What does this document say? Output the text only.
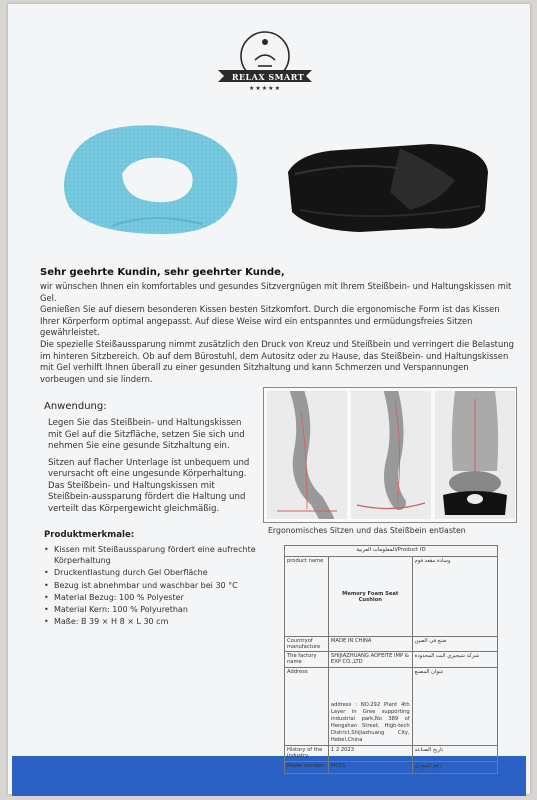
RELAX SMART
★★★★★
Sehr geehrte Kundin, sehr geehrter Kunde,

wir wünschen Ihnen ein komfortables und gesundes Sitzvergnügen mit Ihrem Steißbein- und Haltungskissen mit Gel.

Genießen Sie auf diesem besonderen Kissen besten Sitzkomfort. Durch die ergonomische Form ist das Kissen Ihrer Körperform optimal angepasst. Auf diese Weise wird ein entspanntes und ermüdungsfreies Sitzen gewährleistet.

Die spezielle Steißaussparung nimmt zusätzlich den Druck von Kreuz und Steißbein und verringert die Belastung im hinteren Sitzbereich. Ob auf dem Bürostuhl, dem Autositz oder zu Hause, das Steißbein- und Haltungskissen mit Gel verhilft Ihnen überall zu einer gesunden Sitzhaltung und kann Schmerzen und Verspannungen vorbeugen und sie lindern.

Anwendung:

Legen Sie das Steißbein- und Haltungskissen mit Gel auf die Sitzfläche, setzen Sie sich und nehmen Sie eine gesunde Sitzhaltung ein.

Sitzen auf flacher Unterlage ist unbequem und verursacht oft eine ungesunde Körperhaltung. Das Steißbein- und Haltungskissen mit Steißbein-aussparung fördert die Haltung und verteilt das Körpergewicht gleichmäßig.

Produktmerkmale:
• Kissen mit Steißaussparung fördert eine aufrechte Körperhaltung
• Druckentlastung durch Gel Oberfläche
• Bezug ist abnehmbar und waschbar bei 30 °C
• Material Bezug: 100 % Polyester
• Material Kern: 100 % Polyurethan
• Maße: B 39 × H 8 × L 30 cm
Ergonomisches Sitzen und das Steißbein entlasten
المعلومات العربية/Product ID		
product name	Memory Foam Seat Cushion	وسادة مقعد فوم
Countryof manufacture	MADE IN CHINA	صنع في الصين
The factory name	SHIJIAZHUANG AOFEITE IMP & EXP CO.,LTD	شركة شيجيزي اليت المحدودة
Address	address : NO.292 Plant 4th Layer in Gree supporting industrial park,No 389 of Hengshan Street, High-tech District,Shijiazhuang City, Hebei,China	عنوان المصنع
History of the industry	1 2 2023	تاريخ الصناعة
Model number	MC01	رقم الموديل
